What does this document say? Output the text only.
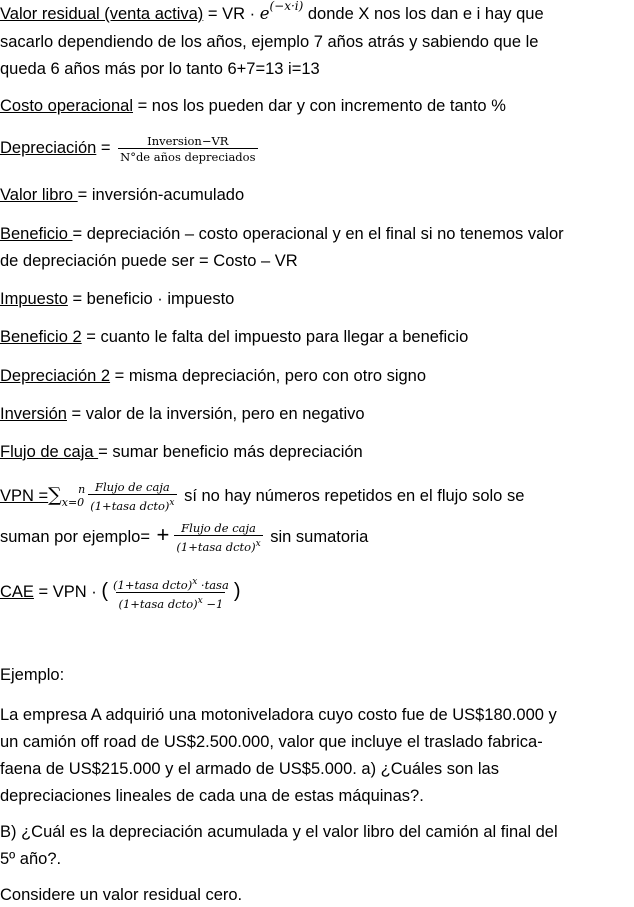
Valor residual (venta activa) = VR · $e^{(-x\cdot i)}$ donde X nos los dan e i hay que
sacarlo dependiendo de los años, ejemplo 7 años atrás y sabiendo que le
queda 6 años más por lo tanto 6+7=13 i=13
Costo operacional = nos los pueden dar y con incremento de tanto %
Depreciación = $\frac{\text{Inversion−VR}}{\text{N°de años depreciados}}$
Valor libro = inversión-acumulado
Beneficio = depreciación – costo operacional y en el final si no tenemos valor
de depreciación puede ser = Costo – VR
Impuesto = beneficio · impuesto
Beneficio 2 = cuanto le falta del impuesto para llegar a beneficio
Depreciación 2 = misma depreciación, pero con otro signo
Inversión = valor de la inversión, pero en negativo
Flujo de caja = sumar beneficio más depreciación
VPN $=\sum_{x=0}^n \frac{\text{Flujo de caja}}{(1+tasa dcto)^x}$ sí no hay números repetidos en el flujo solo se
suman por ejemplo= + $\frac{\text{Flujo de caja}}{(1+tasa dcto)^x}$ sin sumatoria
CAE = VPN · ( $\frac{(1+tasa dcto)^x \cdot tasa}{(1+tasa dcto)^x -1}$ )
Ejemplo:
La empresa A adquirió una motoniveladora cuyo costo fue de US$180.000 y
un camión off road de US$2.500.000, valor que incluye el traslado fabrica-
faena de US$215.000 y el armado de US$5.000. a) ¿Cuáles son las
depreciaciones lineales de cada una de estas máquinas?.
B) ¿Cuál es la depreciación acumulada y el valor libro del camión al final del
5º año?.
Considere un valor residual cero.
